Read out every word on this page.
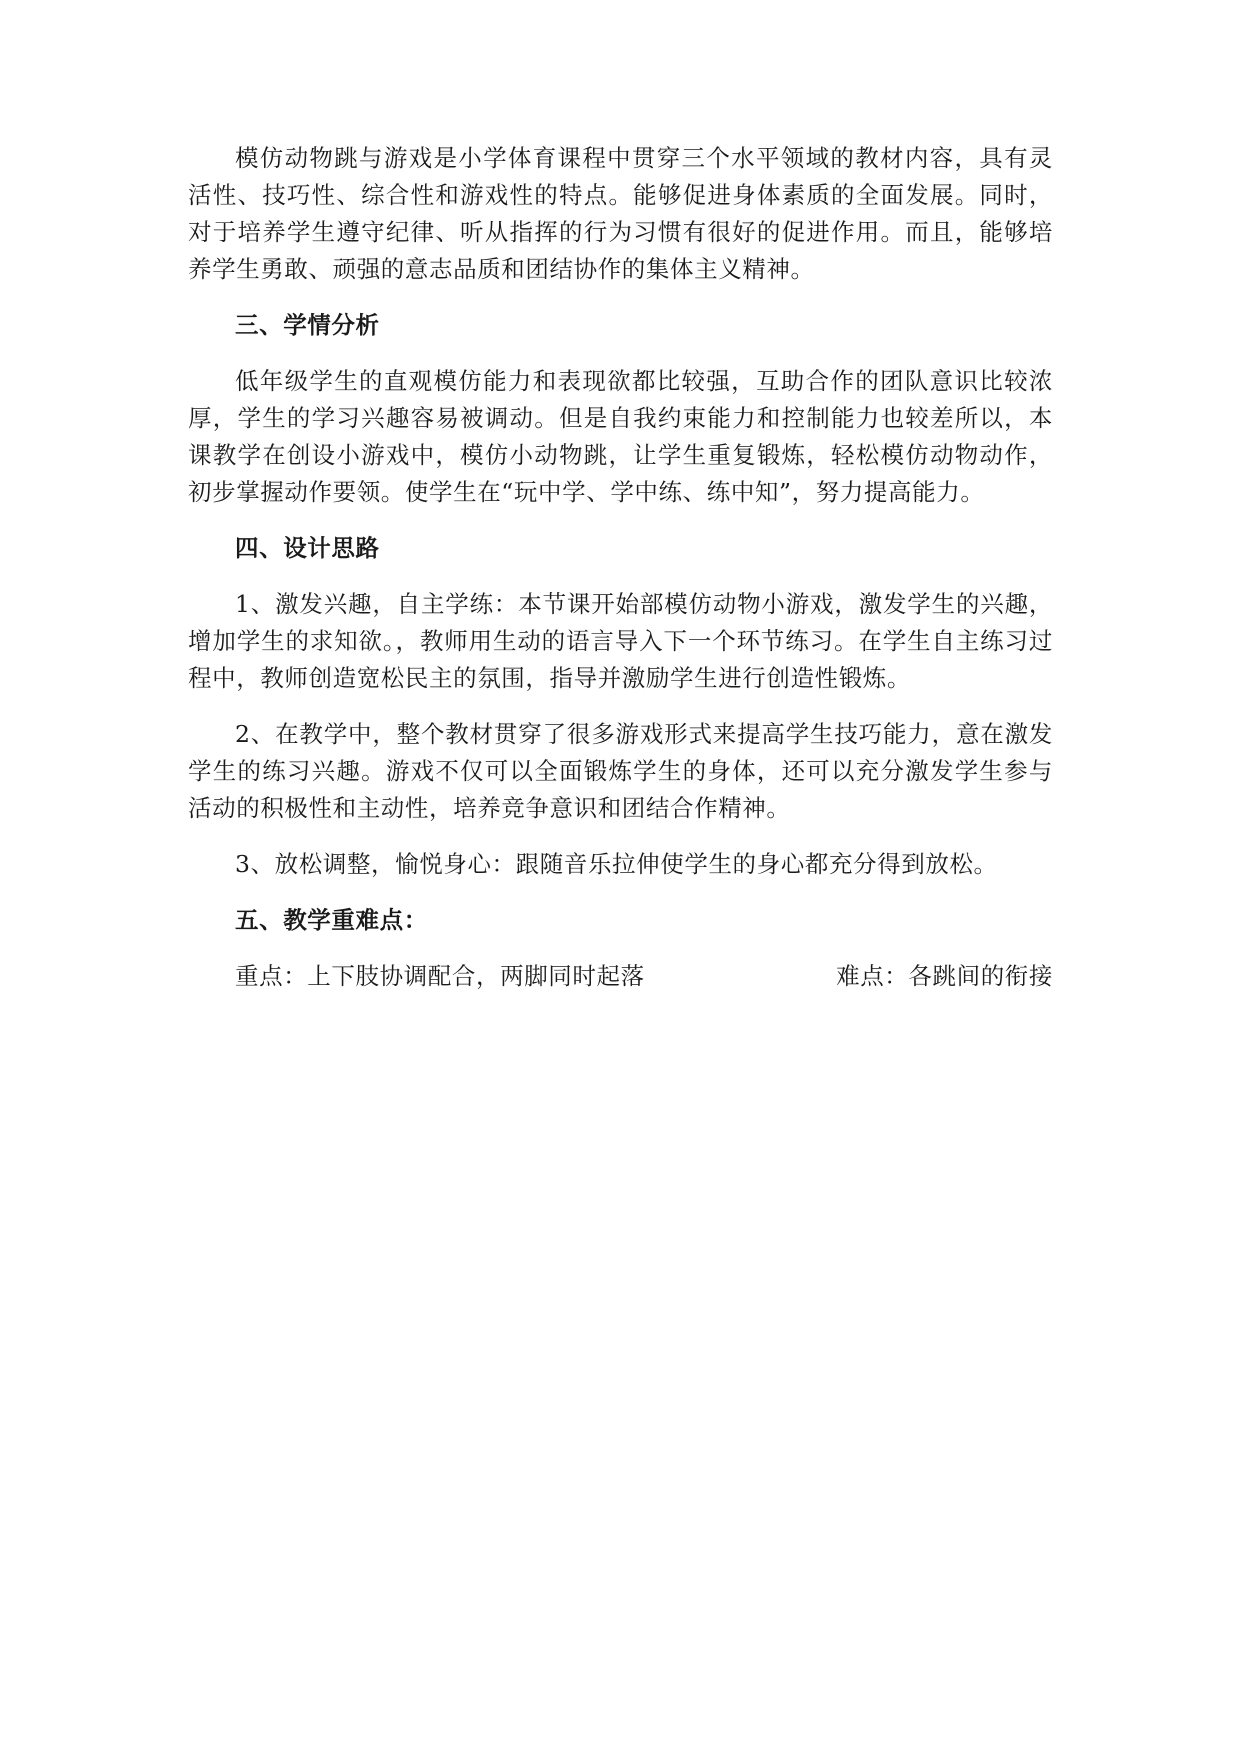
模仿动物跳与游戏是小学体育课程中贯穿三个水平领域的教材内容，具有灵活性、技巧性、综合性和游戏性的特点。能够促进身体素质的全面发展。同时，对于培养学生遵守纪律、听从指挥的行为习惯有很好的促进作用。而且，能够培养学生勇敢、顽强的意志品质和团结协作的集体主义精神。

三、学情分析

低年级学生的直观模仿能力和表现欲都比较强，互助合作的团队意识比较浓厚，学生的学习兴趣容易被调动。但是自我约束能力和控制能力也较差所以，本课教学在创设小游戏中，模仿小动物跳，让学生重复锻炼，轻松模仿动物动作，初步掌握动作要领。使学生在“玩中学、学中练、练中知”，努力提高能力。

四、设计思路

1、激发兴趣，自主学练：本节课开始部模仿动物小游戏，激发学生的兴趣，增加学生的求知欲。，教师用生动的语言导入下一个环节练习。在学生自主练习过程中，教师创造宽松民主的氛围，指导并激励学生进行创造性锻炼。

2、在教学中，整个教材贯穿了很多游戏形式来提高学生技巧能力，意在激发学生的练习兴趣。游戏不仅可以全面锻炼学生的身体，还可以充分激发学生参与活动的积极性和主动性，培养竞争意识和团结合作精神。

3、放松调整，愉悦身心：跟随音乐拉伸使学生的身心都充分得到放松。

五、教学重难点：

重点：上下肢协调配合，两脚同时起落	难点：各跳间的衔接
